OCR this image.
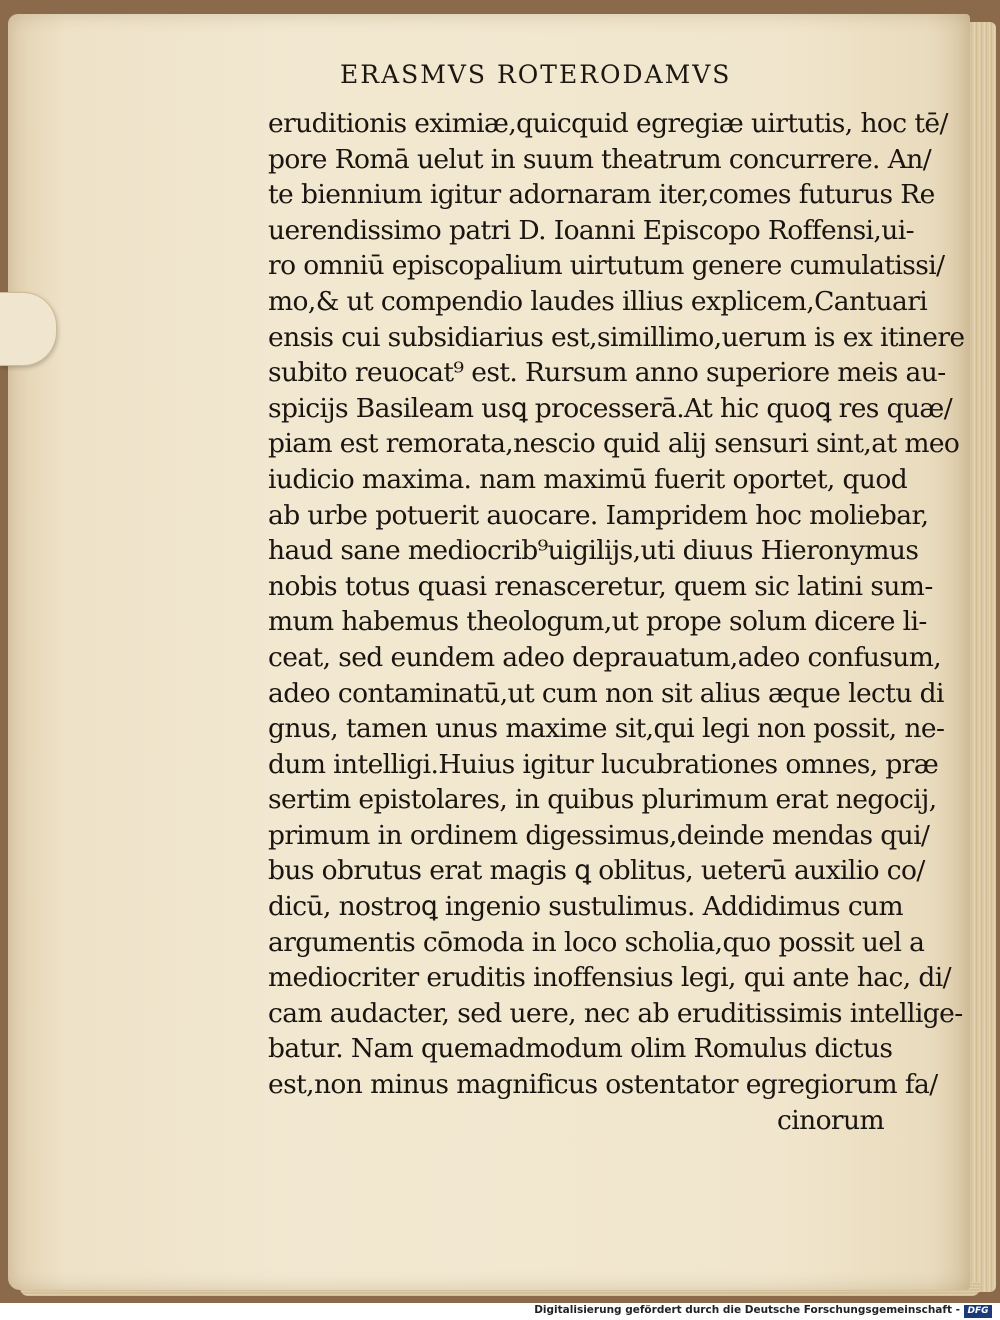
ERASMVS ROTERODAMVS
eruditionis eximiæ,quicquid egregiæ uirtutis, hoc tē/
pore Romā uelut in suum theatrum concurrere. An/
te biennium igitur adornaram iter,comes futurus Re
uerendissimo patri D. Ioanni Episcopo Roffensi,ui-
ro omniū episcopalium uirtutum genere cumulatissi/
mo,& ut compendio laudes illius explicem,Cantuari
ensis cui subsidiarius est,simillimo,uerum is ex itinere
subito reuocat⁹ est. Rursum anno superiore meis au-
spicijs Basileam usꝗ processerā.At hic quoꝗ res quæ/
piam est remorata,nescio quid alij sensuri sint,at meo
iudicio maxima. nam maximū fuerit oportet, quod
ab urbe potuerit auocare. Iampridem hoc moliebar,
haud sane mediocrib⁹uigilijs,uti diuus Hieronymus
nobis totus quasi renasceretur, quem sic latini sum-
mum habemus theologum,ut prope solum dicere li-
ceat, sed eundem adeo deprauatum,adeo confusum,
adeo contaminatū,ut cum non sit alius æque lectu di
gnus, tamen unus maxime sit,qui legi non possit, ne-
dum intelligi.Huius igitur lucubrationes omnes, præ
sertim epistolares, in quibus plurimum erat negocij,
primum in ordinem digessimus,deinde mendas qui/
bus obrutus erat magis ꝗ oblitus, ueterū auxilio co/
dicū, nostroꝗ ingenio sustulimus. Addidimus cum
argumentis cōmoda in loco scholia,quo possit uel a
mediocriter eruditis inoffensius legi, qui ante hac, di/
cam audacter, sed uere, nec ab eruditissimis intellige-
batur. Nam quemadmodum olim Romulus dictus
est,non minus magnificus ostentator egregiorum fa/
cinorum
Digitalisierung gefördert durch die Deutsche Forschungsgemeinschaft - DFG
